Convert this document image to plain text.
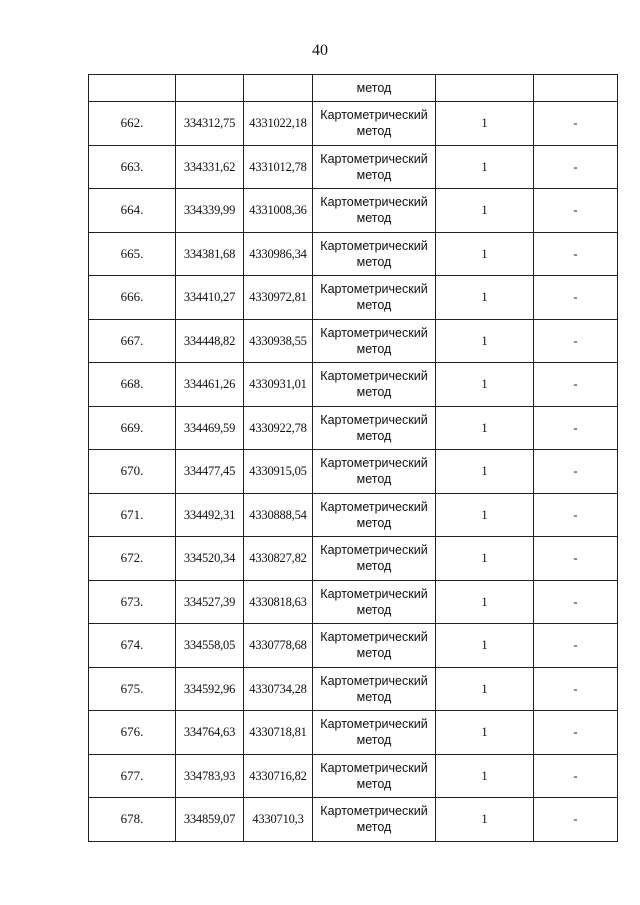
40
			метод		
662.	334312,75	4331022,18	Картометрический метод	1	-
663.	334331,62	4331012,78	Картометрический метод	1	-
664.	334339,99	4331008,36	Картометрический метод	1	-
665.	334381,68	4330986,34	Картометрический метод	1	-
666.	334410,27	4330972,81	Картометрический метод	1	-
667.	334448,82	4330938,55	Картометрический метод	1	-
668.	334461,26	4330931,01	Картометрический метод	1	-
669.	334469,59	4330922,78	Картометрический метод	1	-
670.	334477,45	4330915,05	Картометрический метод	1	-
671.	334492,31	4330888,54	Картометрический метод	1	-
672.	334520,34	4330827,82	Картометрический метод	1	-
673.	334527,39	4330818,63	Картометрический метод	1	-
674.	334558,05	4330778,68	Картометрический метод	1	-
675.	334592,96	4330734,28	Картометрический метод	1	-
676.	334764,63	4330718,81	Картометрический метод	1	-
677.	334783,93	4330716,82	Картометрический метод	1	-
678.	334859,07	4330710,3	Картометрический метод	1	-
